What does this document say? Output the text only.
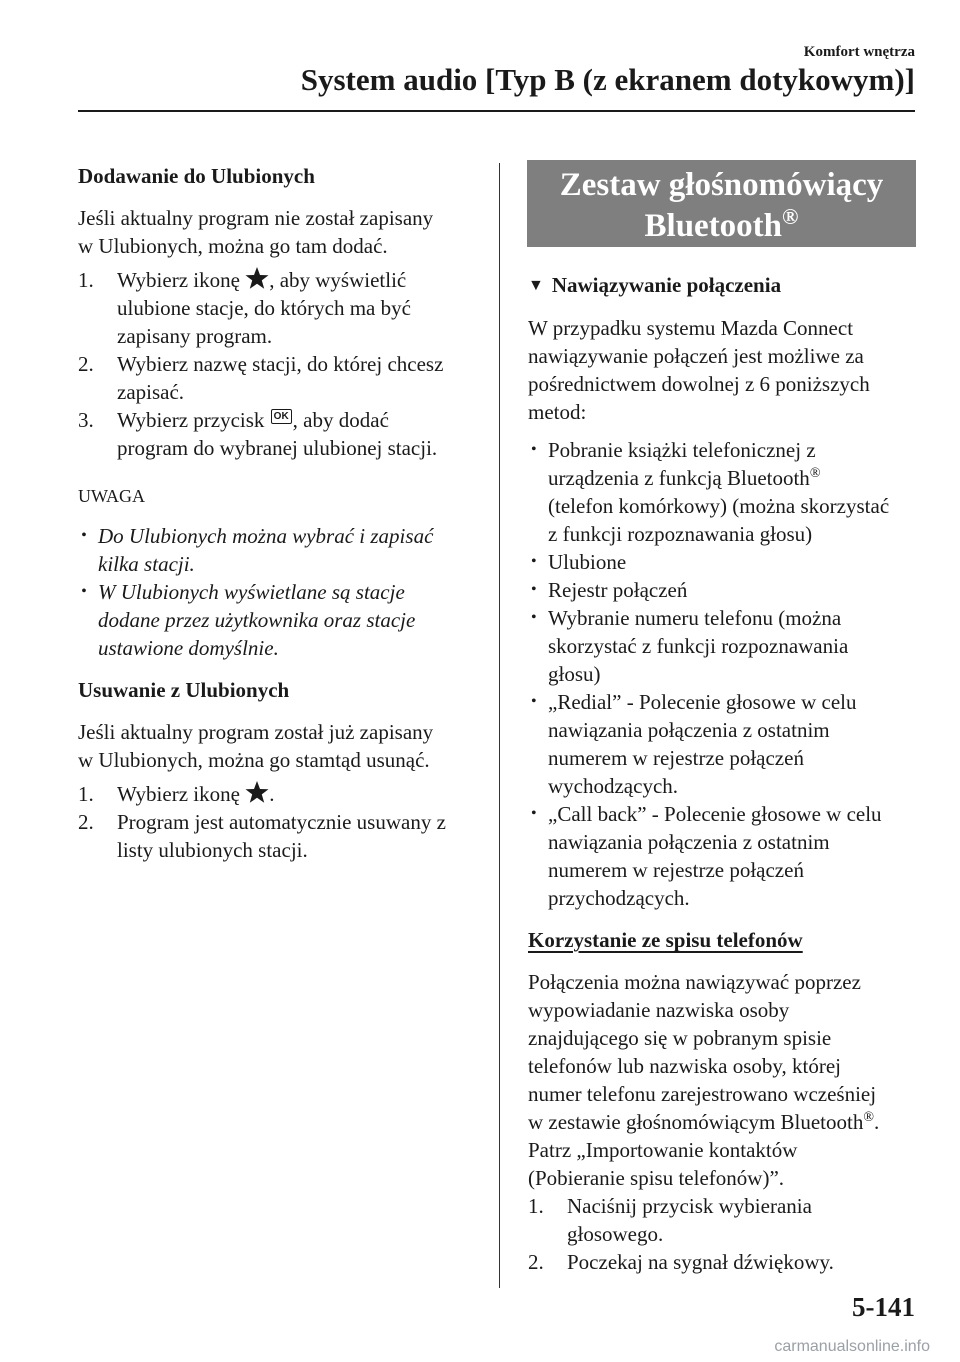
Komfort wnętrza
System audio [Typ B (z ekranem dotykowym)]

Dodawanie do Ulubionych

Jeśli aktualny program nie został zapisany

w Ulubionych, można go tam dodać.

1. Wybierz ikonę , aby wyświetlić
ulubione stacje, do których ma być
zapisany program.
2. Wybierz nazwę stacji, do której chcesz
zapisać.
3. Wybierz przycisk OK , aby dodać
program do wybranej ulubionej stacji.

UWAGA

• Do Ulubionych można wybrać i zapisać
kilka stacji.
• W Ulubionych wyświetlane są stacje
dodane przez użytkownika oraz stacje
ustawione domyślnie.

Usuwanie z Ulubionych

Jeśli aktualny program został już zapisany

w Ulubionych, można go stamtąd usunąć.

1. Wybierz ikonę .
2. Program jest automatycznie usuwany z
listy ulubionych stacji.
Zestaw głośnomówiący
Bluetooth®

▼ Nawiązywanie połączenia

W przypadku systemu Mazda Connect

nawiązywanie połączeń jest możliwe za

pośrednictwem dowolnej z 6 poniższych

metod:

• Pobranie książki telefonicznej z
urządzenia z funkcją Bluetooth®
(telefon komórkowy) (można skorzystać
z funkcji rozpoznawania głosu)
• Ulubione
• Rejestr połączeń
• Wybranie numeru telefonu (można
skorzystać z funkcji rozpoznawania
głosu)
• „Redial” - Polecenie głosowe w celu
nawiązania połączenia z ostatnim
numerem w rejestrze połączeń
wychodzących.
• „Call back” - Polecenie głosowe w celu
nawiązania połączenia z ostatnim
numerem w rejestrze połączeń
przychodzących.

Korzystanie ze spisu telefonów

Połączenia można nawiązywać poprzez

wypowiadanie nazwiska osoby

znajdującego się w pobranym spisie

telefonów lub nazwiska osoby, której

numer telefonu zarejestrowano wcześniej

w zestawie głośnomówiącym Bluetooth®.

Patrz „Importowanie kontaktów

(Pobieranie spisu telefonów)”.

1. Naciśnij przycisk wybierania
głosowego.
2. Poczekaj na sygnał dźwiękowy.
5-141
carmanualsonline.info
